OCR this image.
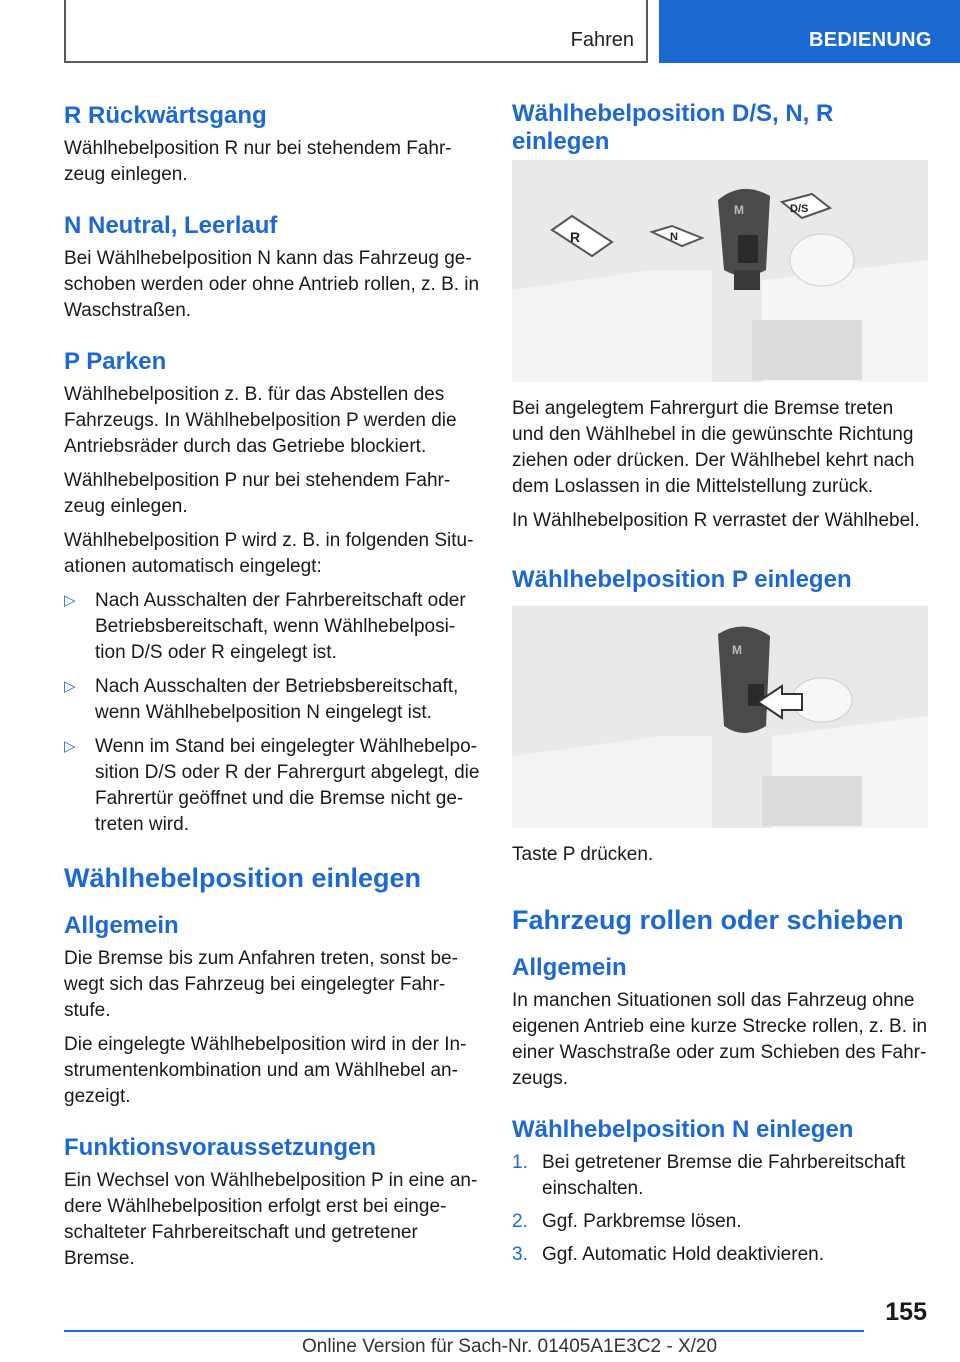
Fahren	BEDIENUNG
R Rückwärtsgang

Wählhebelposition R nur bei stehendem Fahr-zeug einlegen.

N Neutral, Leerlauf

Bei Wählhebelposition N kann das Fahrzeug ge-schoben werden oder ohne Antrieb rollen, z. B. in Waschstraßen.

P Parken

Wählhebelposition z. B. für das Abstellen des Fahrzeugs. In Wählhebelposition P werden die Antriebsräder durch das Getriebe blockiert.

Wählhebelposition P nur bei stehendem Fahr-zeug einlegen.

Wählhebelposition P wird z. B. in folgenden Situ-ationen automatisch eingelegt:

▷ Nach Ausschalten der Fahrbereitschaft oder Betriebsbereitschaft, wenn Wählhebelposi-tion D/S oder R eingelegt ist.
▷ Nach Ausschalten der Betriebsbereitschaft, wenn Wählhebelposition N eingelegt ist.
▷ Wenn im Stand bei eingelegter Wählhebelpo-sition D/S oder R der Fahrergurt abgelegt, die Fahrertür geöffnet und die Bremse nicht ge-treten wird.
Wählhebelposition einlegen
Allgemein

Die Bremse bis zum Anfahren treten, sonst be-wegt sich das Fahrzeug bei eingelegter Fahr-stufe.

Die eingelegte Wählhebelposition wird in der In-strumentenkombination und am Wählhebel an-gezeigt.

Funktionsvoraussetzungen

Ein Wechsel von Wählhebelposition P in eine an-dere Wählhebelposition erfolgt erst bei einge-schalteter Fahrbereitschaft und getretener Bremse.

Wählhebelposition D/S, N, R einlegen
R	N
D/S
M

Bei angelegtem Fahrergurt die Bremse treten und den Wählhebel in die gewünschte Richtung ziehen oder drücken. Der Wählhebel kehrt nach dem Loslassen in die Mittelstellung zurück.

In Wählhebelposition R verrastet der Wählhebel.

Wählhebelposition P einlegen
M

Taste P drücken.

Fahrzeug rollen oder schieben
Allgemein

In manchen Situationen soll das Fahrzeug ohne eigenen Antrieb eine kurze Strecke rollen, z. B. in einer Waschstraße oder zum Schieben des Fahr-zeugs.

Wählhebelposition N einlegen
1. Bei getretener Bremse die Fahrbereitschaft einschalten.
2. Ggf. Parkbremse lösen.
3. Ggf. Automatic Hold deaktivieren.
155
Online Version für Sach-Nr. 01405A1E3C2 - X/20
